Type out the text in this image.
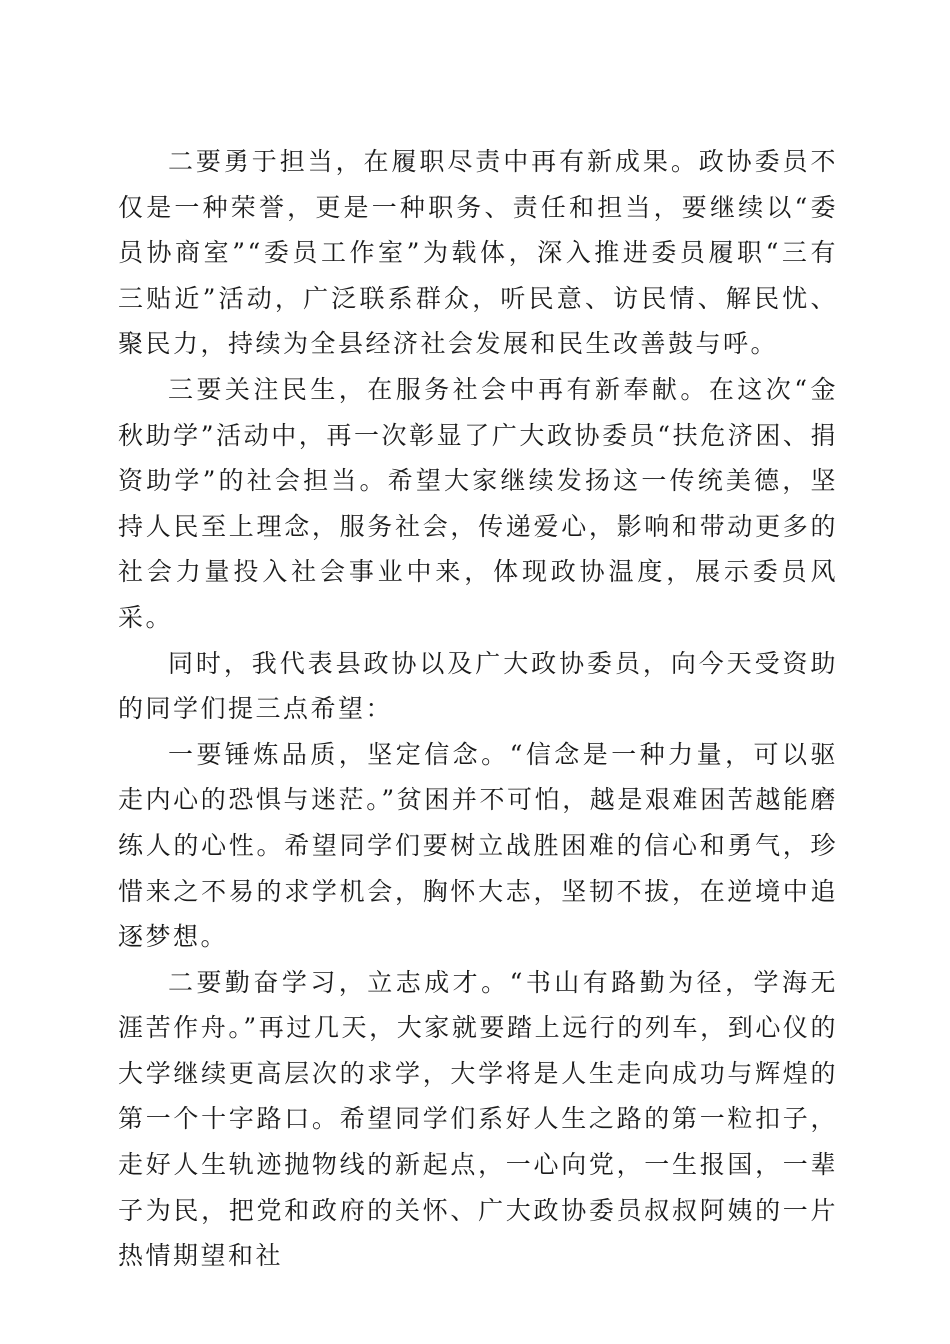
二要勇于担当，在履职尽责中再有新成果。政协委员不仅是一种荣誉，更是一种职务、责任和担当，要继续以“委员协商室”“委员工作室”为载体，深入推进委员履职“三有三贴近”活动，广泛联系群众，听民意、访民情、解民忧、聚民力，持续为全县经济社会发展和民生改善鼓与呼。

三要关注民生，在服务社会中再有新奉献。在这次“金秋助学”活动中，再一次彰显了广大政协委员“扶危济困、捐资助学”的社会担当。希望大家继续发扬这一传统美德，坚持人民至上理念，服务社会，传递爱心，影响和带动更多的社会力量投入社会事业中来，体现政协温度，展示委员风采。

同时，我代表县政协以及广大政协委员，向今天受资助的同学们提三点希望：

一要锤炼品质，坚定信念。“信念是一种力量，可以驱走内心的恐惧与迷茫。”贫困并不可怕，越是艰难困苦越能磨练人的心性。希望同学们要树立战胜困难的信心和勇气，珍惜来之不易的求学机会，胸怀大志，坚韧不拔，在逆境中追逐梦想。

二要勤奋学习，立志成才。“书山有路勤为径，学海无涯苦作舟。”再过几天，大家就要踏上远行的列车，到心仪的大学继续更高层次的求学，大学将是人生走向成功与辉煌的第一个十字路口。希望同学们系好人生之路的第一粒扣子，走好人生轨迹抛物线的新起点，一心向党，一生报国，一辈子为民，把党和政府的关怀、广大政协委员叔叔阿姨的一片热情期望和社
